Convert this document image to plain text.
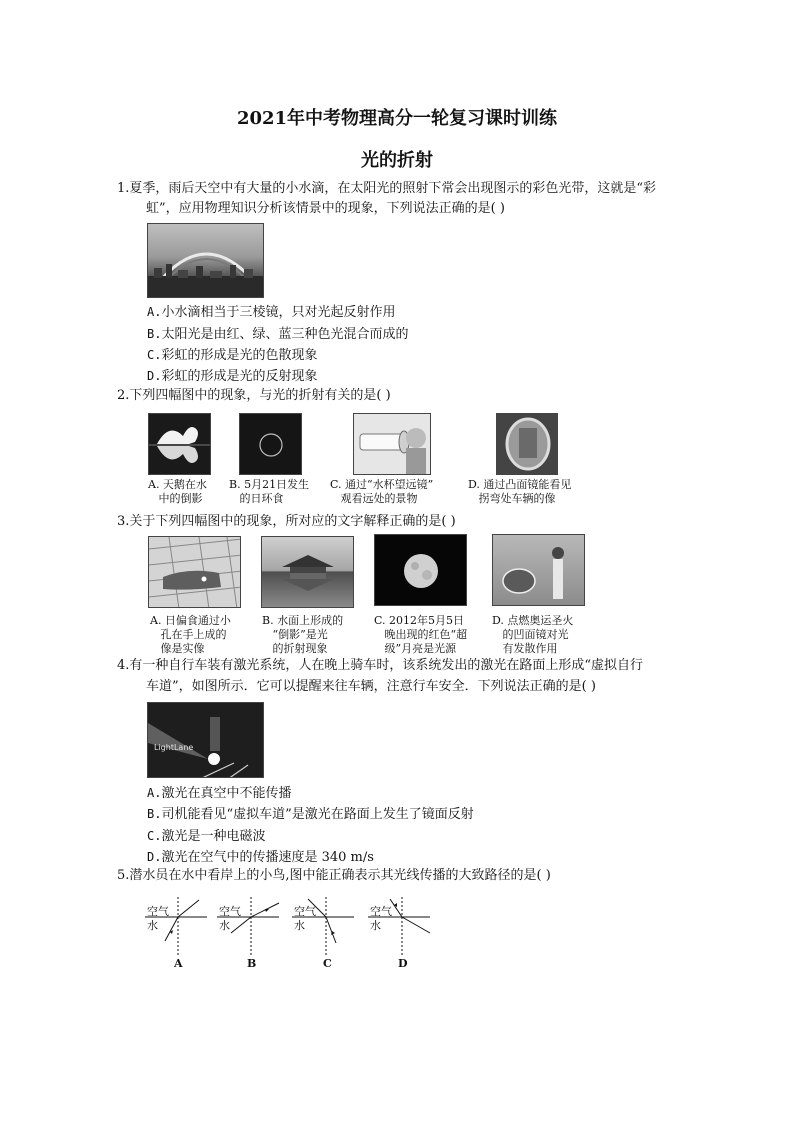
2021年中考物理高分一轮复习课时训练
光的折射
1.夏季，雨后天空中有大量的小水滴，在太阳光的照射下常会出现图示的彩色光带，这就是“彩
虹”，应用物理知识分析该情景中的现象，下列说法正确的是( )
A.小水滴相当于三棱镜，只对光起反射作用
B.太阳光是由红、绿、蓝三种色光混合而成的
C.彩虹的形成是光的色散现象
D.彩虹的形成是光的反射现象
2.下列四幅图中的现象，与光的折射有关的是( )
A. 天鹅在水
中的倒影
B. 5月21日发生
的日环食
C. 通过“水杯望远镜”
观看远处的景物
D. 通过凸面镜能看见
拐弯处车辆的像
3.关于下列四幅图中的现象，所对应的文字解释正确的是( )
A. 日偏食通过小
孔在手上成的
像是实像
B. 水面上形成的
“倒影”是光
的折射现象
C. 2012年5月5日
晚出现的红色“超
级”月亮是光源
D. 点燃奥运圣火
的凹面镜对光
有发散作用
4.有一种自行车装有激光系统，人在晚上骑车时，该系统发出的激光在路面上形成“虚拟自行
车道”，如图所示．它可以提醒来往车辆，注意行车安全．下列说法正确的是( )
LightLane
A.激光在真空中不能传播
B.司机能看见“虚拟车道”是激光在路面上发生了镜面反射
C.激光是一种电磁波
D.激光在空气中的传播速度是 340 m/s
5.潜水员在水中看岸上的小鸟,图中能正确表示其光线传播的大致路径的是( )
空气
水
A
空气
水
B
空气
水
C
空气
水
D
